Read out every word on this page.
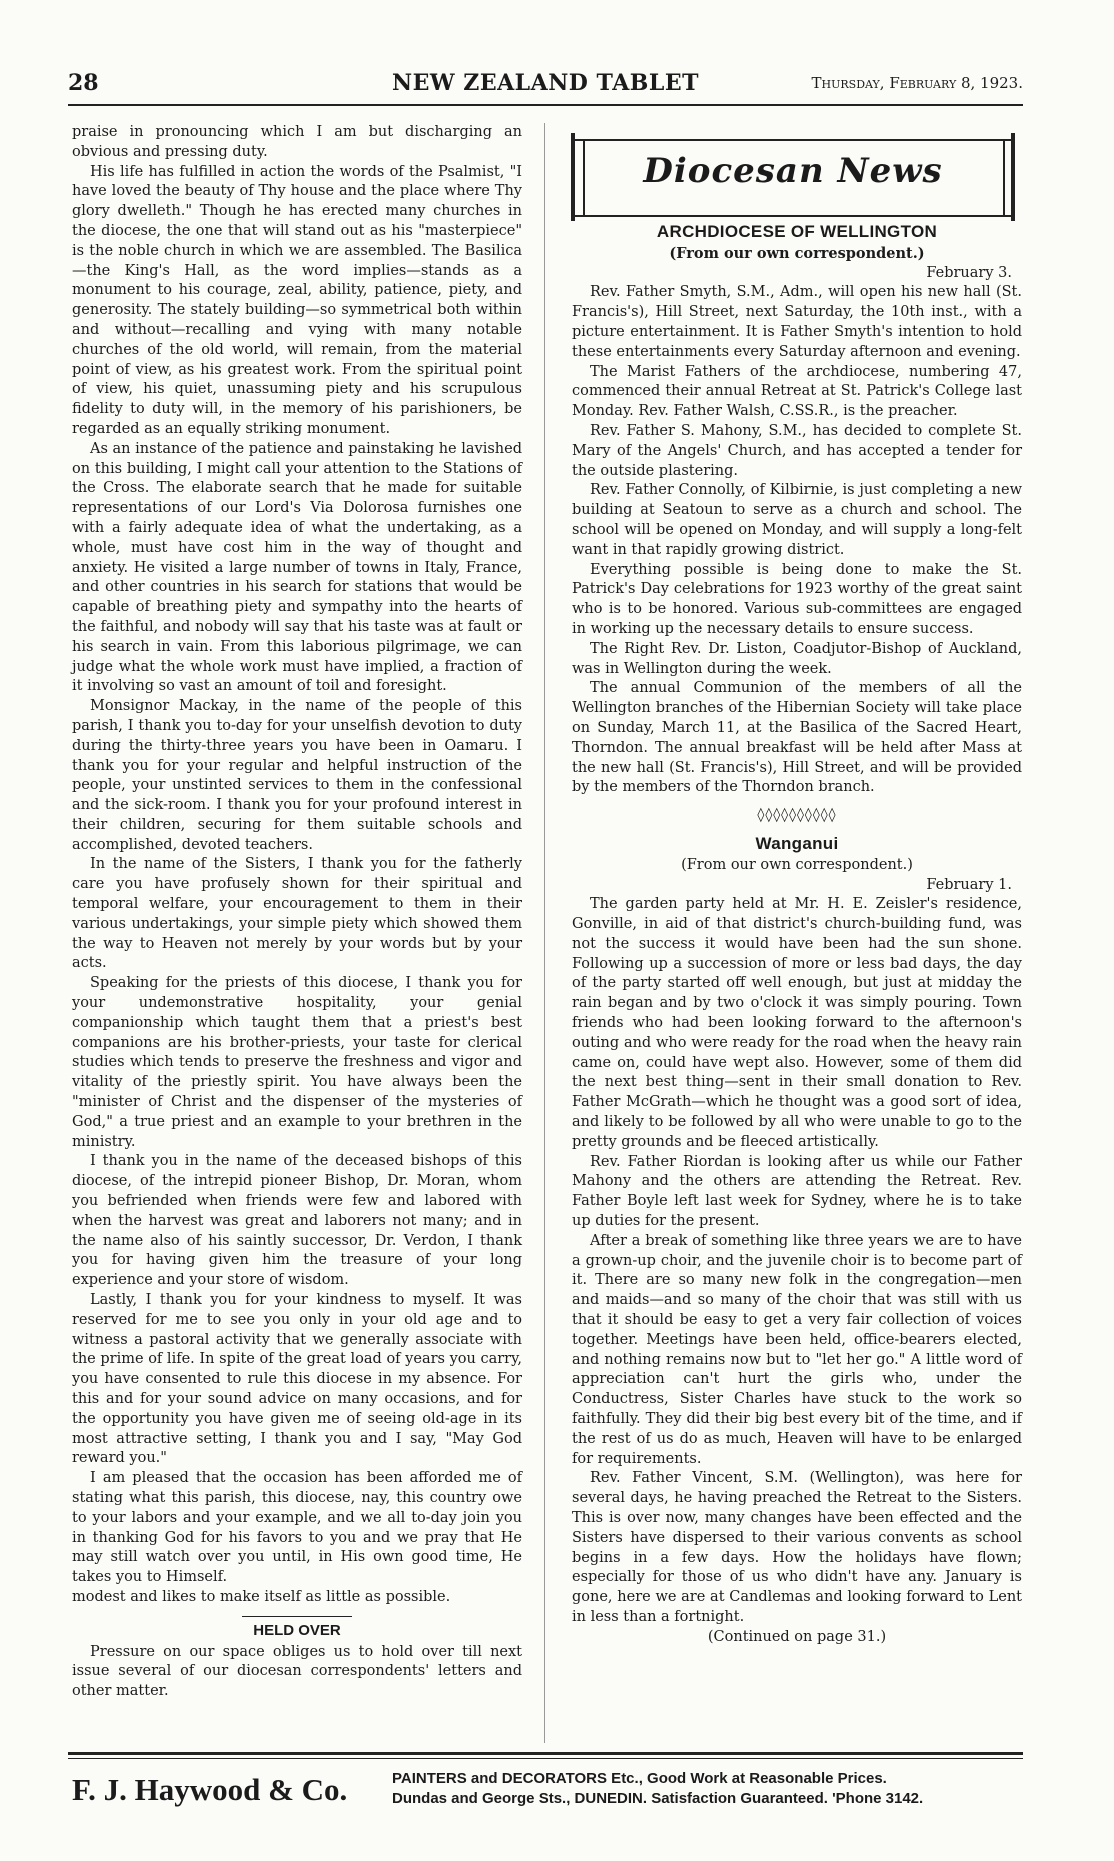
28	NEW ZEALAND TABLET	Thursday, February 8, 1923.

praise in pronouncing which I am but discharging an obvious and pressing duty.

His life has fulfilled in action the words of the Psalmist, "I have loved the beauty of Thy house and the place where Thy glory dwelleth." Though he has erected many churches in the diocese, the one that will stand out as his "masterpiece" is the noble church in which we are assembled. The Basilica—the King's Hall, as the word implies—stands as a monument to his courage, zeal, ability, patience, piety, and generosity. The stately building—so symmetrical both within and without—recalling and vying with many notable churches of the old world, will remain, from the material point of view, as his greatest work. From the spiritual point of view, his quiet, unassuming piety and his scrupulous fidelity to duty will, in the memory of his parishioners, be regarded as an equally striking monument.

As an instance of the patience and painstaking he lavished on this building, I might call your attention to the Stations of the Cross. The elaborate search that he made for suitable representations of our Lord's Via Dolorosa furnishes one with a fairly adequate idea of what the undertaking, as a whole, must have cost him in the way of thought and anxiety. He visited a large number of towns in Italy, France, and other countries in his search for stations that would be capable of breathing piety and sympathy into the hearts of the faithful, and nobody will say that his taste was at fault or his search in vain. From this laborious pilgrimage, we can judge what the whole work must have implied, a fraction of it involving so vast an amount of toil and foresight.

Monsignor Mackay, in the name of the people of this parish, I thank you to-day for your unselfish devotion to duty during the thirty-three years you have been in Oamaru. I thank you for your regular and helpful instruction of the people, your unstinted services to them in the confessional and the sick-room. I thank you for your profound interest in their children, securing for them suitable schools and accomplished, devoted teachers.

In the name of the Sisters, I thank you for the fatherly care you have profusely shown for their spiritual and temporal welfare, your encouragement to them in their various undertakings, your simple piety which showed them the way to Heaven not merely by your words but by your acts.

Speaking for the priests of this diocese, I thank you for your undemonstrative hospitality, your genial companionship which taught them that a priest's best companions are his brother-priests, your taste for clerical studies which tends to preserve the freshness and vigor and vitality of the priestly spirit. You have always been the "minister of Christ and the dispenser of the mysteries of God," a true priest and an example to your brethren in the ministry.

I thank you in the name of the deceased bishops of this diocese, of the intrepid pioneer Bishop, Dr. Moran, whom you befriended when friends were few and labored with when the harvest was great and laborers not many; and in the name also of his saintly successor, Dr. Verdon, I thank you for having given him the treasure of your long experience and your store of wisdom.

Lastly, I thank you for your kindness to myself. It was reserved for me to see you only in your old age and to witness a pastoral activity that we generally associate with the prime of life. In spite of the great load of years you carry, you have consented to rule this diocese in my absence. For this and for your sound advice on many occasions, and for the opportunity you have given me of seeing old-age in its most attractive setting, I thank you and I say, "May God reward you."

I am pleased that the occasion has been afforded me of stating what this parish, this diocese, nay, this country owe to your labors and your example, and we all to-day join you in thanking God for his favors to you and we pray that He may still watch over you until, in His own good time, He takes you to Himself.

modest and likes to make itself as little as possible.

HELD OVER

Pressure on our space obliges us to hold over till next issue several of our diocesan correspondents' letters and other matter.

Diocesan News
ARCHDIOCESE OF WELLINGTON
(From our own correspondent.)
February 3.

Rev. Father Smyth, S.M., Adm., will open his new hall (St. Francis's), Hill Street, next Saturday, the 10th inst., with a picture entertainment. It is Father Smyth's intention to hold these entertainments every Saturday afternoon and evening.

The Marist Fathers of the archdiocese, numbering 47, commenced their annual Retreat at St. Patrick's College last Monday. Rev. Father Walsh, C.SS.R., is the preacher.

Rev. Father S. Mahony, S.M., has decided to complete St. Mary of the Angels' Church, and has accepted a tender for the outside plastering.

Rev. Father Connolly, of Kilbirnie, is just completing a new building at Seatoun to serve as a church and school. The school will be opened on Monday, and will supply a long-felt want in that rapidly growing district.

Everything possible is being done to make the St. Patrick's Day celebrations for 1923 worthy of the great saint who is to be honored. Various sub-committees are engaged in working up the necessary details to ensure success.

The Right Rev. Dr. Liston, Coadjutor-Bishop of Auckland, was in Wellington during the week.

The annual Communion of the members of all the Wellington branches of the Hibernian Society will take place on Sunday, March 11, at the Basilica of the Sacred Heart, Thorndon. The annual breakfast will be held after Mass at the new hall (St. Francis's), Hill Street, and will be provided by the members of the Thorndon branch.

◊◊◊◊◊◊◊◊◊◊
Wanganui
(From our own correspondent.)
February 1.

The garden party held at Mr. H. E. Zeisler's residence, Gonville, in aid of that district's church-building fund, was not the success it would have been had the sun shone. Following up a succession of more or less bad days, the day of the party started off well enough, but just at midday the rain began and by two o'clock it was simply pouring. Town friends who had been looking forward to the afternoon's outing and who were ready for the road when the heavy rain came on, could have wept also. However, some of them did the next best thing—sent in their small donation to Rev. Father McGrath—which he thought was a good sort of idea, and likely to be followed by all who were unable to go to the pretty grounds and be fleeced artistically.

Rev. Father Riordan is looking after us while our Father Mahony and the others are attending the Retreat. Rev. Father Boyle left last week for Sydney, where he is to take up duties for the present.

After a break of something like three years we are to have a grown-up choir, and the juvenile choir is to become part of it. There are so many new folk in the congregation—men and maids—and so many of the choir that was still with us that it should be easy to get a very fair collection of voices together. Meetings have been held, office-bearers elected, and nothing remains now but to "let her go." A little word of appreciation can't hurt the girls who, under the Conductress, Sister Charles have stuck to the work so faithfully. They did their big best every bit of the time, and if the rest of us do as much, Heaven will have to be enlarged for requirements.

Rev. Father Vincent, S.M. (Wellington), was here for several days, he having preached the Retreat to the Sisters. This is over now, many changes have been effected and the Sisters have dispersed to their various convents as school begins in a few days. How the holidays have flown; especially for those of us who didn't have any. January is gone, here we are at Candlemas and looking forward to Lent in less than a fortnight.

(Continued on page 31.)
F. J. Haywood & Co.	PAINTERS and DECORATORS Etc., Good Work at Reasonable Prices.
Dundas and George Sts., DUNEDIN. Satisfaction Guaranteed. 'Phone 3142.
